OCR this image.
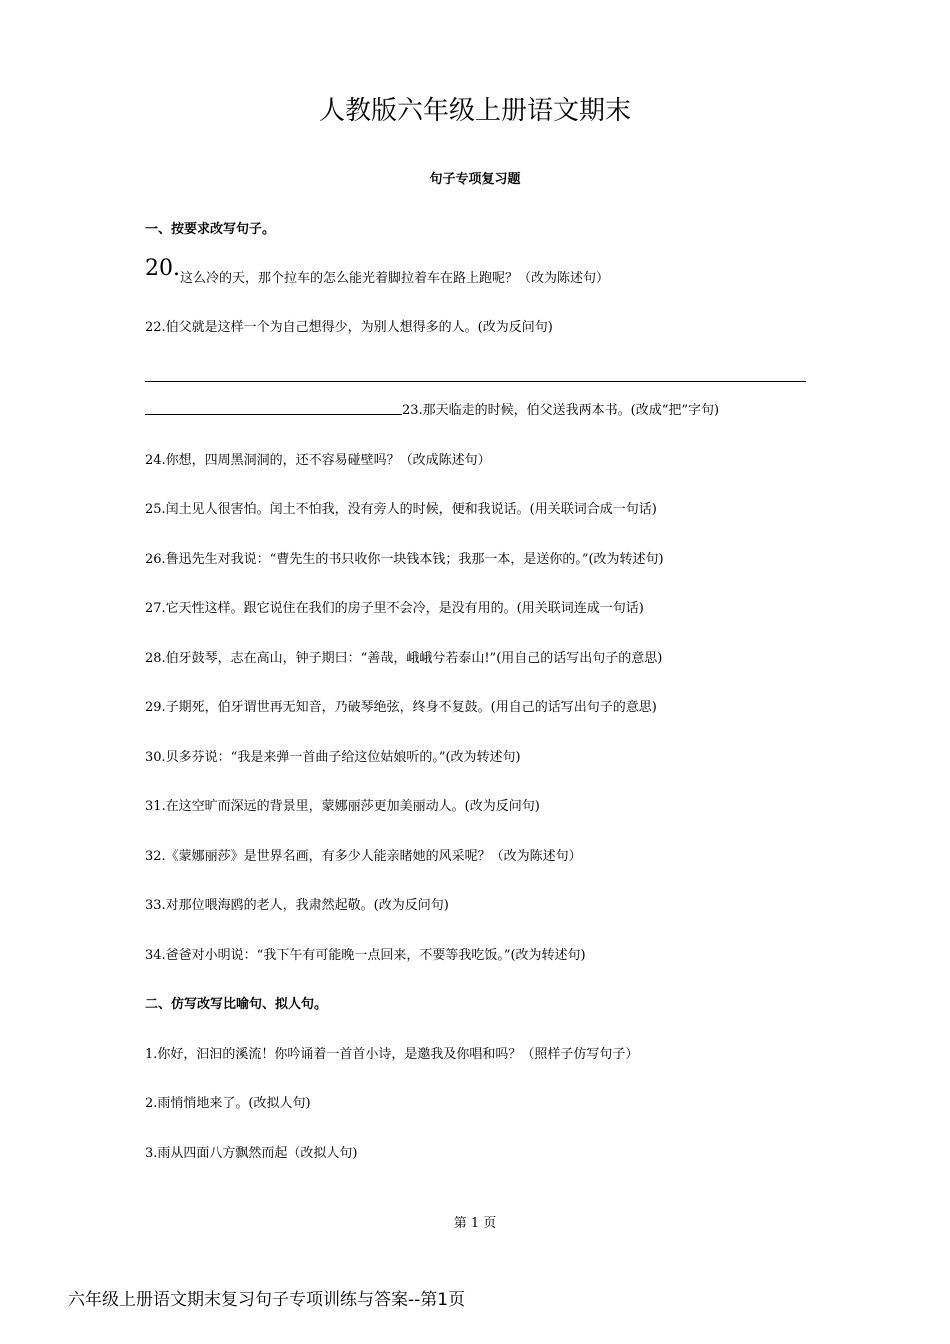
人教版六年级上册语文期末
句子专项复习题
一、按要求改写句子。
20. 这么冷的天，那个拉车的怎么能光着脚拉着车在路上跑呢？（改为陈述句）
22.伯父就是这样一个为自己想得少，为别人想得多的人。(改为反问句)
23.那天临走的时候，伯父送我两本书。(改成“把”字句)
24.你想，四周黑洞洞的，还不容易碰壁吗？（改成陈述句）
25.闰土见人很害怕。闰土不怕我，没有旁人的时候，便和我说话。(用关联词合成一句话)
26.鲁迅先生对我说：“曹先生的书只收你一块钱本钱；我那一本，是送你的。”(改为转述句)
27.它天性这样。跟它说住在我们的房子里不会冷，是没有用的。(用关联词连成一句话)
28.伯牙鼓琴，志在高山，钟子期曰：“善哉，峨峨兮若泰山!”(用自己的话写出句子的意思)
29.子期死，伯牙谓世再无知音，乃破琴绝弦，终身不复鼓。(用自己的话写出句子的意思)
30.贝多芬说：“我是来弹一首曲子给这位姑娘听的。”(改为转述句)
31.在这空旷而深远的背景里，蒙娜丽莎更加美丽动人。(改为反问句)
32.《蒙娜丽莎》是世界名画，有多少人能亲睹她的风采呢？（改为陈述句）
33.对那位喂海鸥的老人，我肃然起敬。(改为反问句)
34.爸爸对小明说：“我下午有可能晚一点回来，不要等我吃饭。”(改为转述句)
二、仿写改写比喻句、拟人句。
1.你好，汩汩的溪流！你吟诵着一首首小诗，是邀我及你唱和吗？（照样子仿写句子）
2.雨悄悄地来了。(改拟人句)
3.雨从四面八方飘然而起（改拟人句)
第 1 页
六年级上册语文期末复习句子专项训练与答案--第1页
